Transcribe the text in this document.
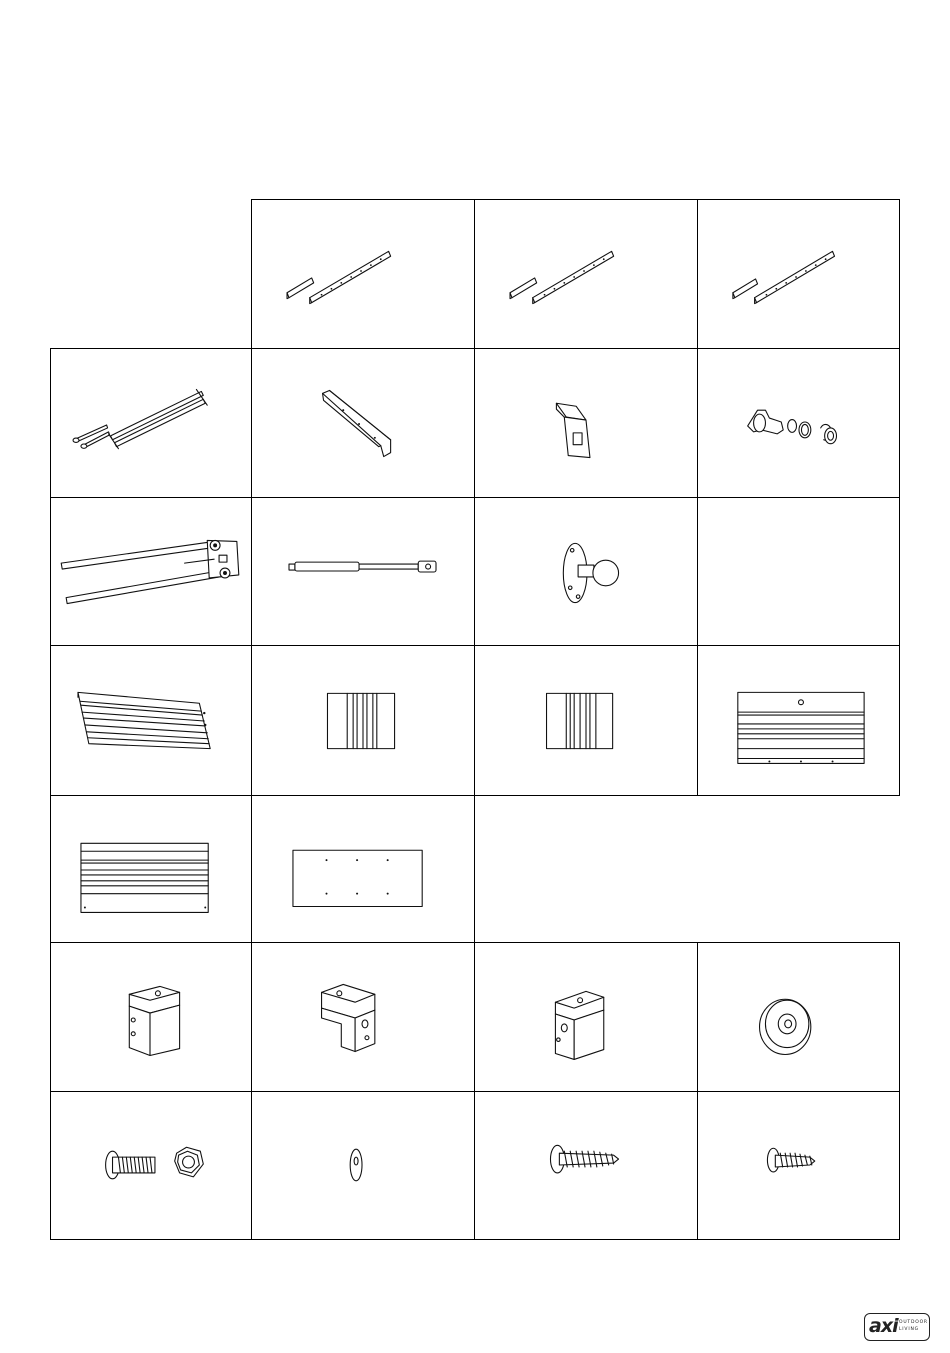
axi OUTDOOR
LIVING
